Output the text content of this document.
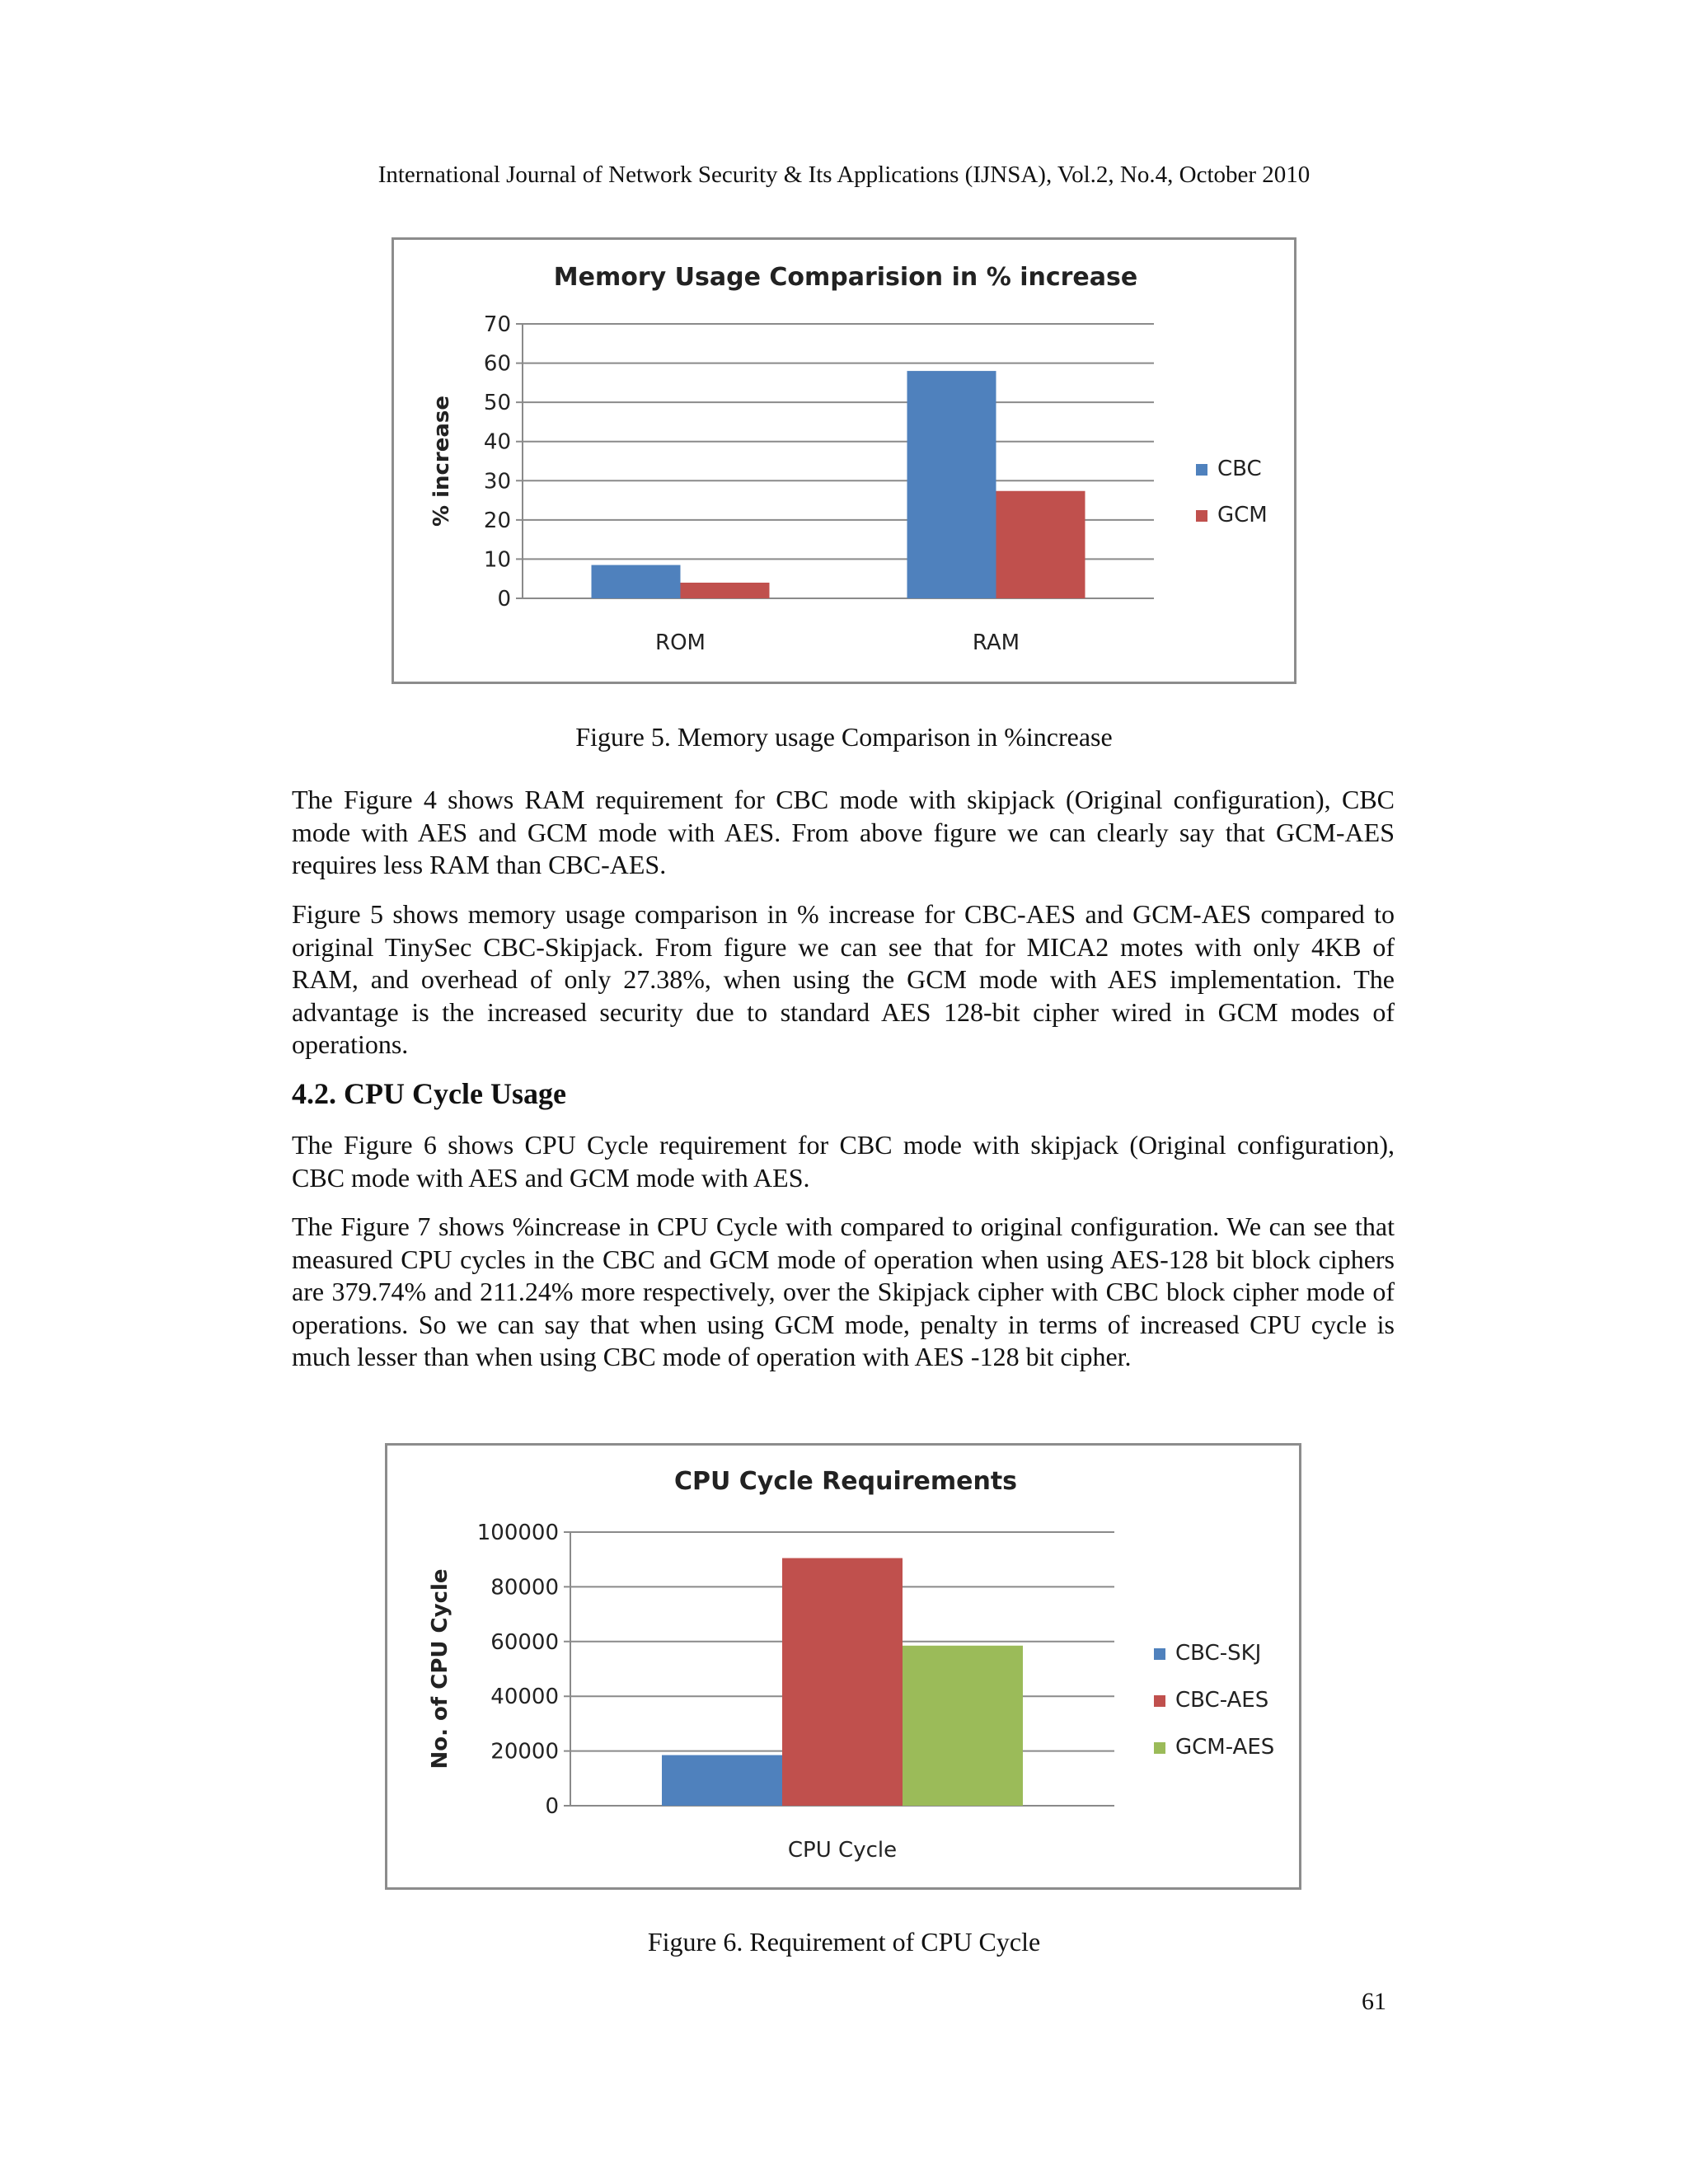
International Journal of Network Security & Its Applications (IJNSA), Vol.2, No.4, October 2010
Memory Usage Comparision in % increase
0
10
20
30
40
50
60
70
% increase
ROM	RAM
CBC
GCM
Figure 5. Memory usage Comparison in %increase

The Figure 4 shows RAM requirement for CBC mode with skipjack (Original configuration), CBC mode with AES and GCM mode with AES. From above figure we can clearly say that GCM-AES requires less RAM than CBC-AES.

Figure 5 shows memory usage comparison in % increase for CBC-AES and GCM-AES compared to original TinySec CBC-Skipjack. From figure we can see that for MICA2 motes with only 4KB of RAM, and overhead of only 27.38%, when using the GCM mode with AES implementation. The advantage is the increased security due to standard AES 128-bit cipher wired in GCM modes of operations.

4.2. CPU Cycle Usage

The Figure 6 shows CPU Cycle requirement for CBC mode with skipjack (Original configuration), CBC mode with AES and GCM mode with AES.

The Figure 7 shows %increase in CPU Cycle with compared to original configuration. We can see that measured CPU cycles in the CBC and GCM mode of operation when using AES-128 bit block ciphers are 379.74% and 211.24% more respectively, over the Skipjack cipher with CBC block cipher mode of operations. So we can say that when using GCM mode, penalty in terms of increased CPU cycle is much lesser than when using CBC mode of operation with AES -128 bit cipher.

CPU Cycle Requirements
0
20000
40000
60000
80000
100000
No. of CPU Cycle
CPU Cycle
CBC-SKJ
CBC-AES
GCM-AES
Figure 6. Requirement of CPU Cycle
61
